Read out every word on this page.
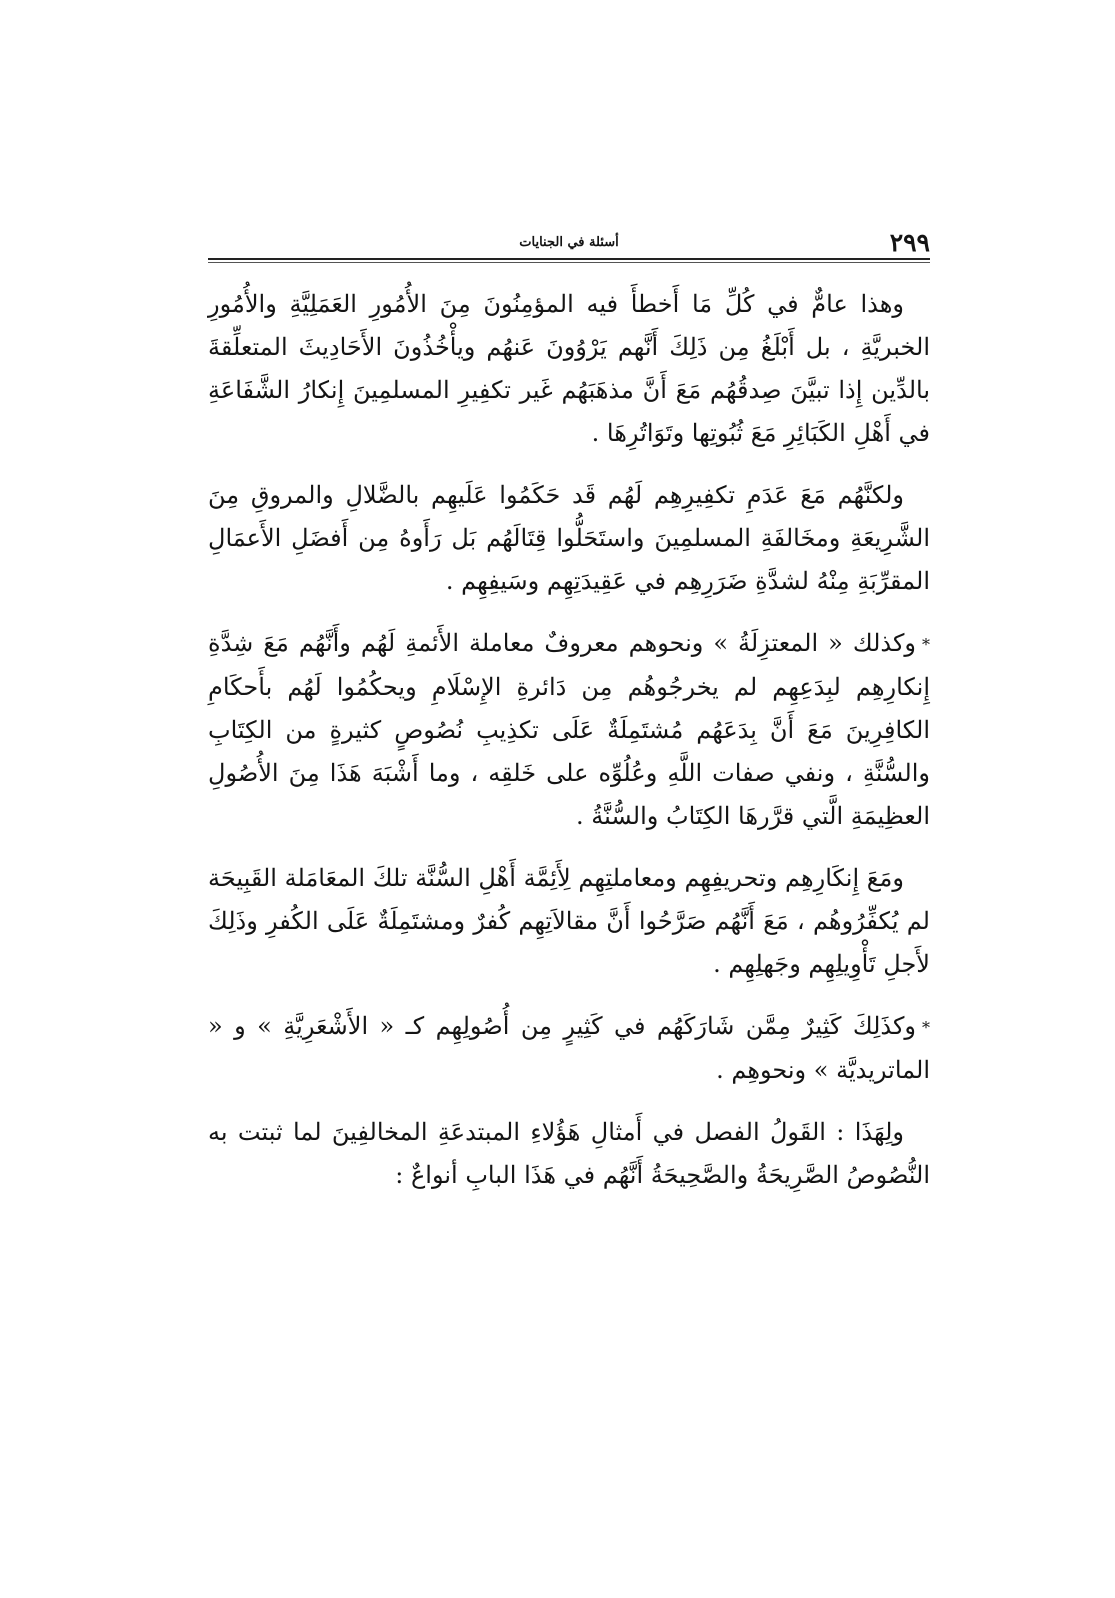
٢٩٩
أسئلة في الجنايات

وهذا عامٌّ في كُلِّ مَا أَخطأَ فيه المؤمِنُونَ مِنَ الأُمُورِ العَمَلِيَّةِ والأُمُورِ الخبريَّةِ ، بل أَبْلَغُ مِن ذَلِكَ أَنَّهم يَرْوُونَ عَنهُم ويأْخُذُونَ الأَحَادِيثَ المتعلِّقةَ بالدِّين إِذا تبيَّنَ صِدقُهُم مَعَ أَنَّ مذهَبَهُم غَير تكفِيرِ المسلمِينَ إِنكارُ الشَّفَاعَةِ في أَهْلِ الكَبَائِرِ مَعَ ثُبُوتِها وتَوَاتُرِهَا .

ولكنَّهُم مَعَ عَدَمِ تكفِيرِهِم لَهُم قَد حَكَمُوا عَلَيهِم بالضَّلالِ والمروقِ مِنَ الشَّرِيعَةِ ومخَالفَةِ المسلمِينَ واستَحَلُّوا قِتَالَهُم بَل رَأَوهُ مِن أَفضَلِ الأَعمَالِ المقرِّبَةِ مِنْهُ لشدَّةِ ضَرَرِهِم في عَقِيدَتِهِم وسَيفِهِم .

*وكذلك « المعتزِلَةُ » ونحوهم معروفٌ معاملة الأَئمةِ لَهُم وأَنَّهُم مَعَ شِدَّةِ إِنكارِهِم لبِدَعِهِم لم يخرجُوهُم مِن دَائرةِ الإِسْلَامِ ويحكُمُوا لَهُم بأَحكَامِ الكافِرِينَ مَعَ أَنَّ بِدَعَهُم مُشتَمِلَةٌ عَلَى تكذِيبِ نُصُوصٍ كثيرةٍ من الكِتَابِ والسُّنَّةِ ، ونفي صفات اللَّهِ وعُلُوِّه على خَلقِه ، وما أَشْبَهَ هَذَا مِنَ الأُصُولِ العظِيمَةِ الَّتي قرَّرهَا الكِتَابُ والسُّنَّةُ .

ومَعَ إِنكَارِهِم وتحريفِهِم ومعاملتِهِم لِأَئِمَّة أَهْلِ السُّنَّة تلكَ المعَامَلة القَبِيحَة لم يُكفِّرُوهُم ، مَعَ أَنَّهُم صَرَّحُوا أَنَّ مقالاَتِهِم كُفرٌ ومشتَمِلَةٌ عَلَى الكُفرِ وذَلِكَ لأَجلِ تَأْوِيلِهِم وجَهلِهِم .

*وكذَلِكَ كَثِيرٌ مِمَّن شَارَكَهُم في كَثِيرٍ مِن أُصُولِهِم كـ « الأَشْعَرِيَّةِ » و « الماتريديَّة » ونحوهِم .

ولِهَذَا : القَولُ الفصل في أَمثالِ هَؤُلاءِ المبتدعَةِ المخالفِينَ لما ثبتت به النُّصُوصُ الصَّرِيحَةُ والصَّحِيحَةُ أَنَّهُم في هَذَا البابِ أنواعٌ :
